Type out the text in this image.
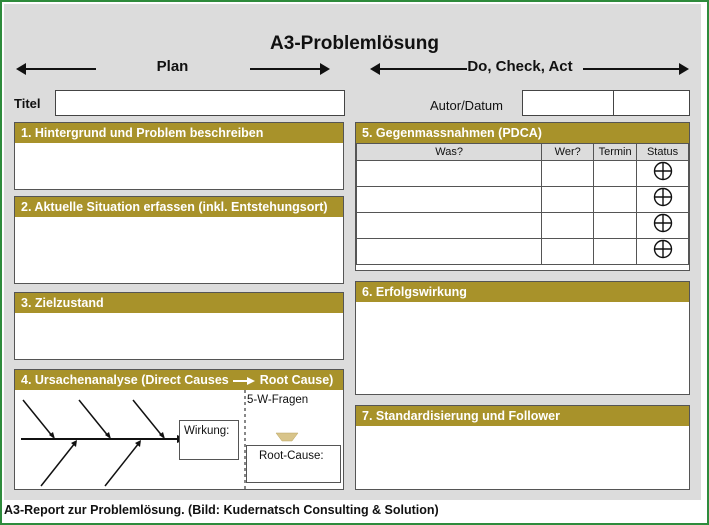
A3-Problemlösung
Plan	Do, Check, Act
Titel	Autor/Datum
1. Hintergrund und Problem beschreiben
2. Aktuelle Situation erfassen (inkl. Entstehungsort)
3. Zielzustand
4. Ursachenanalyse (Direct Causes Root Cause)
Wirkung:
5-W-Fragen
Root-Cause:
5. Gegenmassnahmen (PDCA)
Was?	Wer?	Termin	Status

6. Erfolgswirkung
7. Standardisierung und Follower
A3-Report zur Problemlösung. (Bild: Kudernatsch Consulting & Solution)
